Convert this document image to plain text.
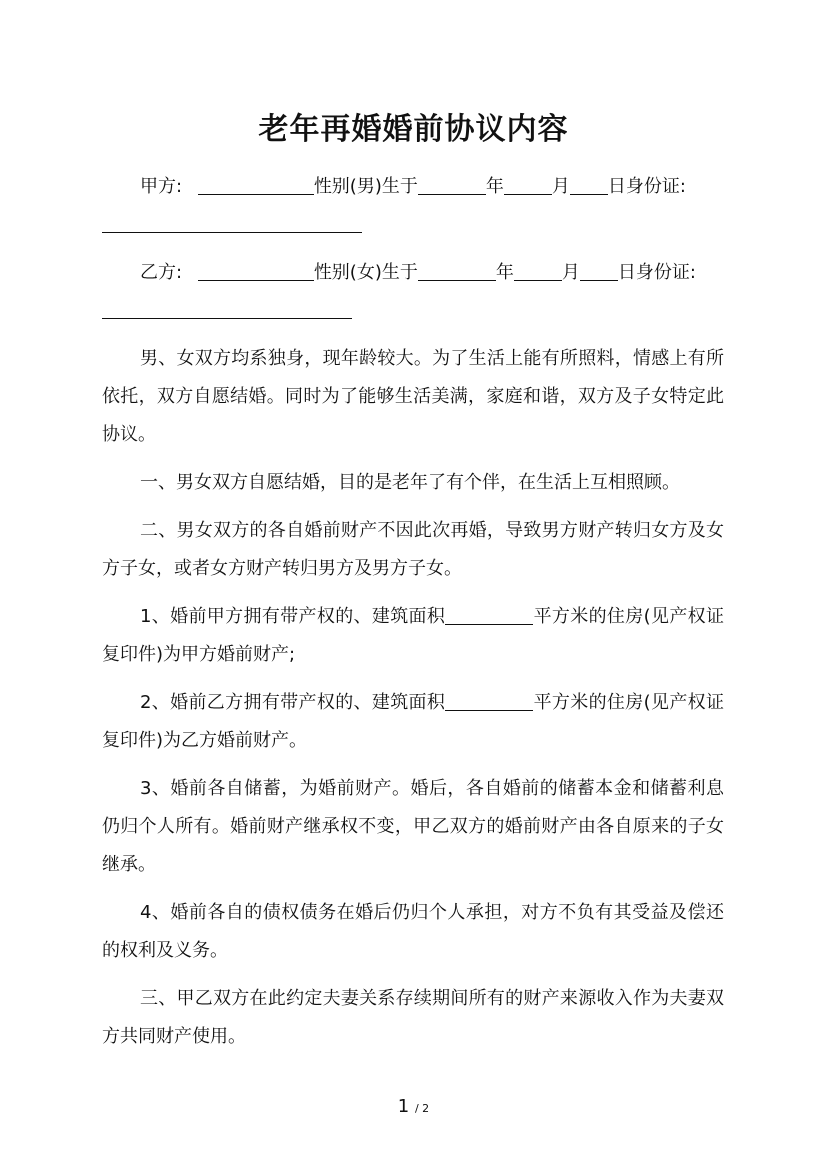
老年再婚婚前协议内容
甲方:	性别(男)生于	年	月 日身份证:
乙方:	性别(女)生于	年	月 日身份证:

男、女双方均系独身，现年龄较大。为了生活上能有所照料，情感上有所依托，双方自愿结婚。同时为了能够生活美满，家庭和谐，双方及子女特定此协议。

一、男女双方自愿结婚，目的是老年了有个伴，在生活上互相照顾。

二、男女双方的各自婚前财产不因此次再婚，导致男方财产转归女方及女方子女，或者女方财产转归男方及男方子女。

1、婚前甲方拥有带产权的、建筑面积	平方米的住房(见产权证复印件)为甲方婚前财产;

2、婚前乙方拥有带产权的、建筑面积	平方米的住房(见产权证复印件)为乙方婚前财产。

3、婚前各自储蓄，为婚前财产。婚后，各自婚前的储蓄本金和储蓄利息仍归个人所有。婚前财产继承权不变，甲乙双方的婚前财产由各自原来的子女继承。

4、婚前各自的债权债务在婚后仍归个人承担，对方不负有其受益及偿还的权利及义务。

三、甲乙双方在此约定夫妻关系存续期间所有的财产来源收入作为夫妻双方共同财产使用。

1 / 2
